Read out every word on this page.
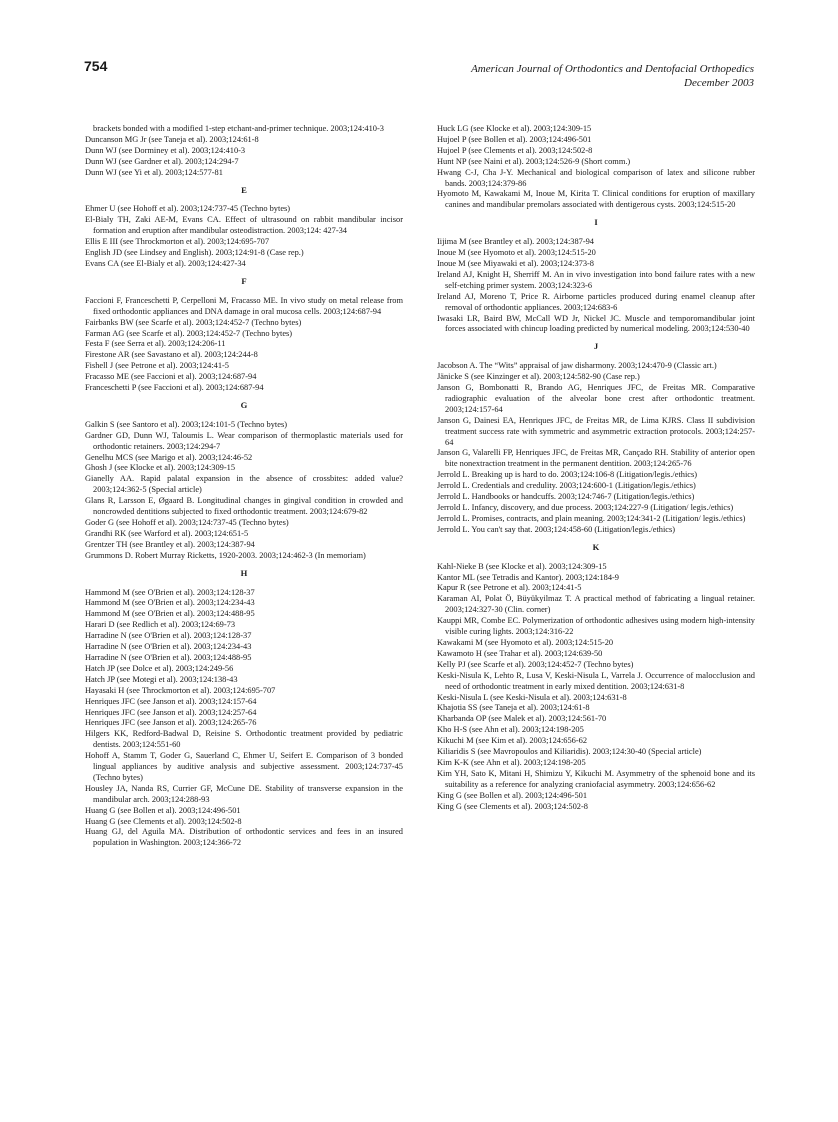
754	American Journal of Orthodontics and Dentofacial Orthopedics
December 2003
brackets bonded with a modified 1-step etchant-and-primer technique. 2003;124:410-3
Duncanson MG Jr (see Taneja et al). 2003;124:61-8
Dunn WJ (see Dorminey et al). 2003;124:410-3
Dunn WJ (see Gardner et al). 2003;124:294-7
Dunn WJ (see Yi et al). 2003;124:577-81
E
Ehmer U (see Hohoff et al). 2003;124:737-45 (Techno bytes)
El-Bialy TH, Zaki AE-M, Evans CA. Effect of ultrasound on rabbit mandibular incisor formation and eruption after mandibular osteodistraction. 2003;124: 427-34
Ellis E III (see Throckmorton et al). 2003;124:695-707
English JD (see Lindsey and English). 2003;124:91-8 (Case rep.)
Evans CA (see El-Bialy et al). 2003;124:427-34
F
Faccioni F, Franceschetti P, Cerpelloni M, Fracasso ME. In vivo study on metal release from fixed orthodontic appliances and DNA damage in oral mucosa cells. 2003;124:687-94
Fairbanks BW (see Scarfe et al). 2003;124:452-7 (Techno bytes)
Farman AG (see Scarfe et al). 2003;124:452-7 (Techno bytes)
Festa F (see Serra et al). 2003;124:206-11
Firestone AR (see Savastano et al). 2003;124:244-8
Fishell J (see Petrone et al). 2003;124:41-5
Fracasso ME (see Faccioni et al). 2003;124:687-94
Franceschetti P (see Faccioni et al). 2003;124:687-94
G
Galkin S (see Santoro et al). 2003;124:101-5 (Techno bytes)
Gardner GD, Dunn WJ, Taloumis L. Wear comparison of thermoplastic materials used for orthodontic retainers. 2003;124:294-7
Genelhu MCS (see Marigo et al). 2003;124:46-52
Ghosh J (see Klocke et al). 2003;124:309-15
Gianelly AA. Rapid palatal expansion in the absence of crossbites: added value? 2003;124:362-5 (Special article)
Glans R, Larsson E, Øgaard B. Longitudinal changes in gingival condition in crowded and noncrowded dentitions subjected to fixed orthodontic treatment. 2003;124:679-82
Goder G (see Hohoff et al). 2003;124:737-45 (Techno bytes)
Grandhi RK (see Warford et al). 2003;124:651-5
Grentzer TH (see Brantley et al). 2003;124:387-94
Grummons D. Robert Murray Ricketts, 1920-2003. 2003;124:462-3 (In memoriam)
H
Hammond M (see O'Brien et al). 2003;124:128-37
Hammond M (see O'Brien et al). 2003;124:234-43
Hammond M (see O'Brien et al). 2003;124:488-95
Harari D (see Redlich et al). 2003;124:69-73
Harradine N (see O'Brien et al). 2003;124:128-37
Harradine N (see O'Brien et al). 2003;124:234-43
Harradine N (see O'Brien et al). 2003;124:488-95
Hatch JP (see Dolce et al). 2003;124:249-56
Hatch JP (see Motegi et al). 2003;124:138-43
Hayasaki H (see Throckmorton et al). 2003;124:695-707
Henriques JFC (see Janson et al). 2003;124:157-64
Henriques JFC (see Janson et al). 2003;124:257-64
Henriques JFC (see Janson et al). 2003;124:265-76
Hilgers KK, Redford-Badwal D, Reisine S. Orthodontic treatment provided by pediatric dentists. 2003;124:551-60
Hohoff A, Stamm T, Goder G, Sauerland C, Ehmer U, Seifert E. Comparison of 3 bonded lingual appliances by auditive analysis and subjective assessment. 2003;124:737-45 (Techno bytes)
Housley JA, Nanda RS, Currier GF, McCune DE. Stability of transverse expansion in the mandibular arch. 2003;124:288-93
Huang G (see Bollen et al). 2003;124:496-501
Huang G (see Clements et al). 2003;124:502-8
Huang GJ, del Aguila MA. Distribution of orthodontic services and fees in an insured population in Washington. 2003;124:366-72
Huck LG (see Klocke et al). 2003;124:309-15
Hujoel P (see Bollen et al). 2003;124:496-501
Hujoel P (see Clements et al). 2003;124:502-8
Hunt NP (see Naini et al). 2003;124:526-9 (Short comm.)
Hwang C-J, Cha J-Y. Mechanical and biological comparison of latex and silicone rubber bands. 2003;124:379-86
Hyomoto M, Kawakami M, Inoue M, Kirita T. Clinical conditions for eruption of maxillary canines and mandibular premolars associated with dentigerous cysts. 2003;124:515-20
I
Iijima M (see Brantley et al). 2003;124:387-94
Inoue M (see Hyomoto et al). 2003;124:515-20
Inoue M (see Miyawaki et al). 2003;124:373-8
Ireland AJ, Knight H, Sherriff M. An in vivo investigation into bond failure rates with a new self-etching primer system. 2003;124:323-6
Ireland AJ, Moreno T, Price R. Airborne particles produced during enamel cleanup after removal of orthodontic appliances. 2003;124:683-6
Iwasaki LR, Baird BW, McCall WD Jr, Nickel JC. Muscle and temporomandibular joint forces associated with chincup loading predicted by numerical modeling. 2003;124:530-40
J
Jacobson A. The “Wits” appraisal of jaw disharmony. 2003;124:470-9 (Classic art.)
Jänicke S (see Kinzinger et al). 2003;124:582-90 (Case rep.)
Janson G, Bombonatti R, Brando AG, Henriques JFC, de Freitas MR. Comparative radiographic evaluation of the alveolar bone crest after orthodontic treatment. 2003;124:157-64
Janson G, Dainesi EA, Henriques JFC, de Freitas MR, de Lima KJRS. Class II subdivision treatment success rate with symmetric and asymmetric extraction protocols. 2003;124:257-64
Janson G, Valarelli FP, Henriques JFC, de Freitas MR, Cançado RH. Stability of anterior open bite nonextraction treatment in the permanent dentition. 2003;124:265-76
Jerrold L. Breaking up is hard to do. 2003;124:106-8 (Litigation/legis./ethics)
Jerrold L. Credentials and credulity. 2003;124:600-1 (Litigation/legis./ethics)
Jerrold L. Handbooks or handcuffs. 2003;124:746-7 (Litigation/legis./ethics)
Jerrold L. Infancy, discovery, and due process. 2003;124:227-9 (Litigation/ legis./ethics)
Jerrold L. Promises, contracts, and plain meaning. 2003;124:341-2 (Litigation/ legis./ethics)
Jerrold L. You can't say that. 2003;124:458-60 (Litigation/legis./ethics)
K
Kahl-Nieke B (see Klocke et al). 2003;124:309-15
Kantor ML (see Tetradis and Kantor). 2003;124:184-9
Kapur R (see Petrone et al). 2003;124:41-5
Karaman AI, Polat Ö, Büyükyilmaz T. A practical method of fabricating a lingual retainer. 2003;124:327-30 (Clin. corner)
Kauppi MR, Combe EC. Polymerization of orthodontic adhesives using modern high-intensity visible curing lights. 2003;124:316-22
Kawakami M (see Hyomoto et al). 2003;124:515-20
Kawamoto H (see Trahar et al). 2003;124:639-50
Kelly PJ (see Scarfe et al). 2003;124:452-7 (Techno bytes)
Keski-Nisula K, Lehto R, Lusa V, Keski-Nisula L, Varrela J. Occurrence of malocclusion and need of orthodontic treatment in early mixed dentition. 2003;124:631-8
Keski-Nisula L (see Keski-Nisula et al). 2003;124:631-8
Khajotia SS (see Taneja et al). 2003;124:61-8
Kharbanda OP (see Malek et al). 2003;124:561-70
Kho H-S (see Ahn et al). 2003;124:198-205
Kikuchi M (see Kim et al). 2003;124:656-62
Kiliaridis S (see Mavropoulos and Kiliaridis). 2003;124:30-40 (Special article)
Kim K-K (see Ahn et al). 2003;124:198-205
Kim YH, Sato K, Mitani H, Shimizu Y, Kikuchi M. Asymmetry of the sphenoid bone and its suitability as a reference for analyzing craniofacial asymmetry. 2003;124:656-62
King G (see Bollen et al). 2003;124:496-501
King G (see Clements et al). 2003;124:502-8
